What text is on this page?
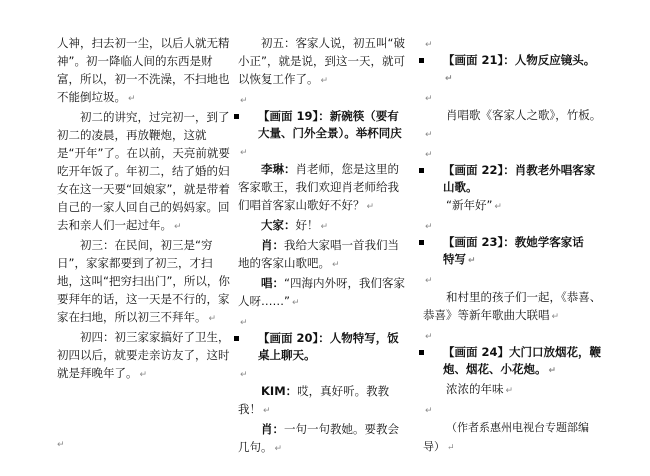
人神，扫去初一尘，以后人就无精神”。初一降临人间的东西是财富，所以，初一不洗澡，不扫地也不能倒垃圾。 ↵

初二的讲究，过完初一，到了初二的凌晨，再放鞭炮，这就是“开年”了。在以前，天亮前就要吃开年饭了。年初二，结了婚的妇女在这一天要“回娘家”，就是带着自己的一家人回自己的妈妈家。回去和亲人们一起过年。 ↵

初三：在民间，初三是“穷日”，家家都要到了初三，才扫地，这叫“把穷扫出门”，所以，你要拜年的话，这一天是不行的，家家在扫地，所以初三不拜年。 ↵

初四：初三家家搞好了卫生，初四以后，就要走亲访友了，这时就是拜晚年了。 ↵

初五：客家人说，初五叫“破小正”，就是说，到这一天，就可以恢复工作了。 ↵

↵

【画面 19】：新碗筷（要有大量、门外全景）。举杯同庆

↵

李琳：肖老师，您是这里的客家歌王，我们欢迎肖老师给我们唱首客家山歌好不好？ ↵

大家：好！ ↵

肖：我给大家唱一首我们当地的客家山歌吧。 ↵

唱：“四海内外呀，我们客家人呀……” ↵

↵

【画面 20】：人物特写，饭桌上聊天。

↵

KIM：哎，真好听。教教我！ ↵

肖：一句一句教她。要教会几句。 ↵

↵

【画面 21】：人物反应镜头。↵

↵

肖唱歌《客家人之歌》，竹板。↵

↵

【画面 22】：肖教老外唱客家山歌。

“新年好” ↵

↵

【画面 23】：教她学客家话
特写 ↵

↵

和村里的孩子们一起，《恭喜、恭喜》等新年歌曲大联唱 ↵

↵

【画面 24】大门口放烟花，鞭炮、烟花、小花炮。 ↵

浓浓的年味 ↵

↵

（作者系惠州电视台专题部编导） ↵

↵
